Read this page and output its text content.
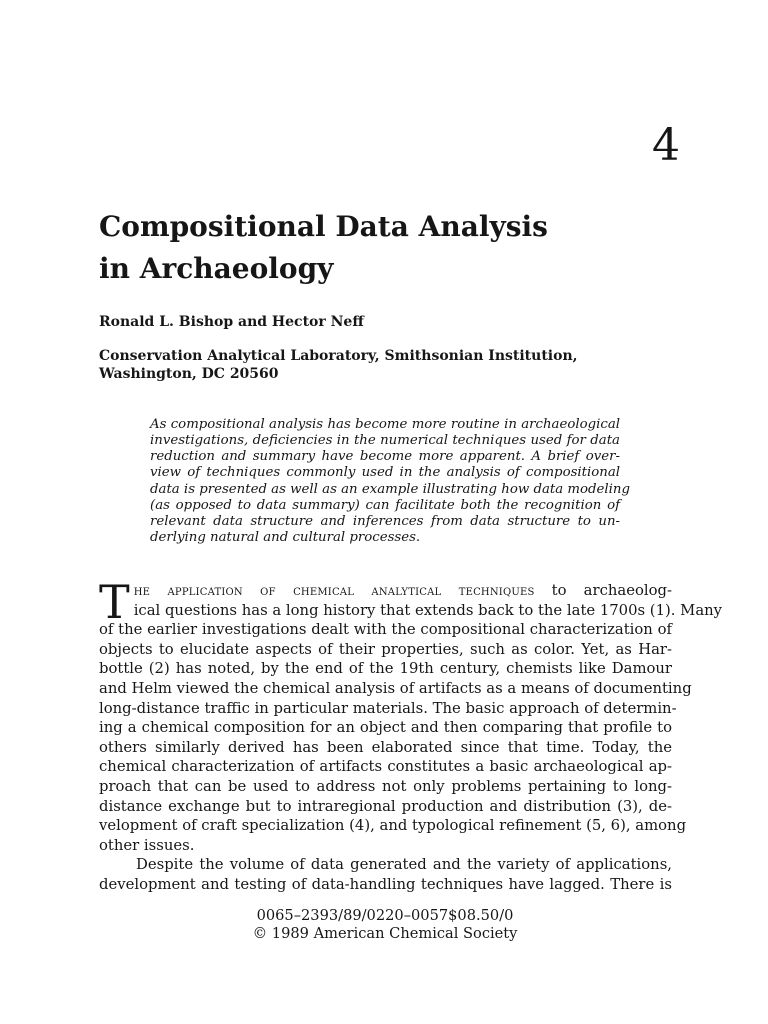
4
Compositional Data Analysis
in Archaeology

Ronald L. Bishop and Hector Neff

Conservation Analytical Laboratory, Smithsonian Institution,
Washington, DC 20560

As compositional analysis has become more routine in archaeological
investigations, deficiencies in the numerical techniques used for data
reduction and summary have become more apparent. A brief over-
view of techniques commonly used in the analysis of compositional
data is presented as well as an example illustrating how data modeling
(as opposed to data summary) can facilitate both the recognition of
relevant data structure and inferences from data structure to un-
derlying natural and cultural processes.
T he application of chemical analytical techniques to archaeolog-
ical questions has a long history that extends back to the late 1700s (1). Many
of the earlier investigations dealt with the compositional characterization of
objects to elucidate aspects of their properties, such as color. Yet, as Har-
bottle (2) has noted, by the end of the 19th century, chemists like Damour
and Helm viewed the chemical analysis of artifacts as a means of documenting
long-distance traffic in particular materials. The basic approach of determin-
ing a chemical composition for an object and then comparing that profile to
others similarly derived has been elaborated since that time. Today, the
chemical characterization of artifacts constitutes a basic archaeological ap-
proach that can be used to address not only problems pertaining to long-
distance exchange but to intraregional production and distribution (3), de-
velopment of craft specialization (4), and typological refinement (5, 6), among
other issues.
Despite the volume of data generated and the variety of applications,
development and testing of data-handling techniques have lagged. There is
0065–2393/89/0220–0057$08.50/0
© 1989 American Chemical Society
